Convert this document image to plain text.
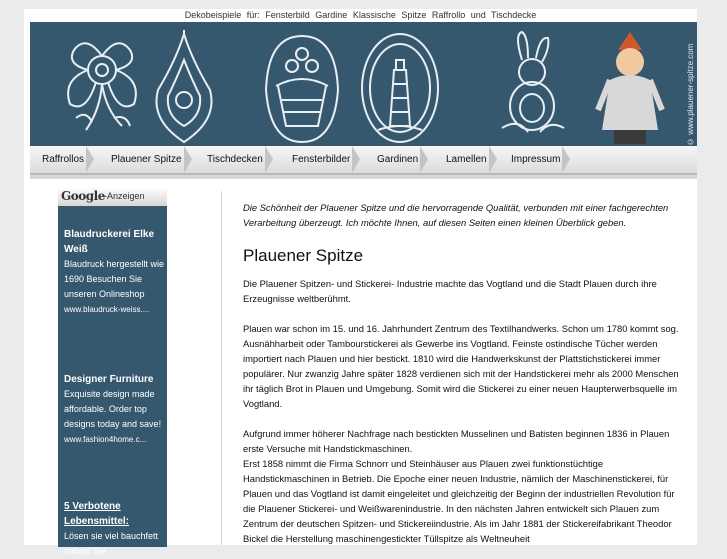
Dekobeispiele für: Fensterbild Gardine Klassische Spitze Raffrollo und Tischdecke
© www.plauener-spitze.com
Raffrollos	Plauener Spitze	Tischdecken	Fensterbilder	Gardinen	Lamellen Impressum
Google -Anzeigen
Blaudruckerei Elke Weiß
Blaudruck hergestellt wie 1690 Besuchen Sie unseren Onlineshop
www.blaudruck-weiss....
Designer Furniture
Exquisite design made affordable. Order top designs today and save!
www.fashion4home.c...
5 Verbotene Lebensmittel:
Lösen sie viel bauchfett sobald Sie

Die Schönheit der Plauener Spitze und die hervorragende Qualität, verbunden mit einer fachgerechten Verarbeitung überzeugt. Ich möchte Ihnen, auf diesen Seiten einen kleinen Überblick geben.

Plauener Spitze

Die Plauener Spitzen- und Stickerei- Industrie machte das Vogtland und die Stadt Plauen durch ihre Erzeugnisse weltberühmt.

Plauen war schon im 15. und 16. Jahrhundert Zentrum des Textilhandwerks. Schon um 1780 kommt sog. Ausnähharbeit oder Tambourstickerei als Gewerbe ins Vogtland. Feinste ostindische Tücher werden importiert nach Plauen und hier bestickt. 1810 wird die Handwerkskunst der Plattstichstickerei immer populärer. Nur zwanzig Jahre später 1828 verdienen sich mit der Handstickerei mehr als 2000 Menschen ihr täglich Brot in Plauen und Umgebung. Somit wird die Stickerei zu einer neuen Haupterwerbsquelle im Vogtland.

Aufgrund immer höherer Nachfrage nach bestickten Musselinen und Batisten beginnen 1836 in Plauen erste Versuche mit Handstickmaschinen.
Erst 1858 nimmt die Firma Schnorr und Steinhäuser aus Plauen zwei funktionstüchtige Handstickmaschinen in Betrieb. Die Epoche einer neuen Industrie, nämlich der Maschinenstickerei, für Plauen und das Vogtland ist damit eingeleitet und gleichzeitig der Beginn der industriellen Revolution für die Plauener Stickerei- und Weißwarenindustrie. In den nächsten Jahren entwickelt sich Plauen zum Zentrum der deutschen Spitzen- und Stickereiindustrie. Als im Jahr 1881 der Stickereifabrikant Theodor Bickel die Herstellung maschinengestickter Tüllspitze als Weltneuheit
